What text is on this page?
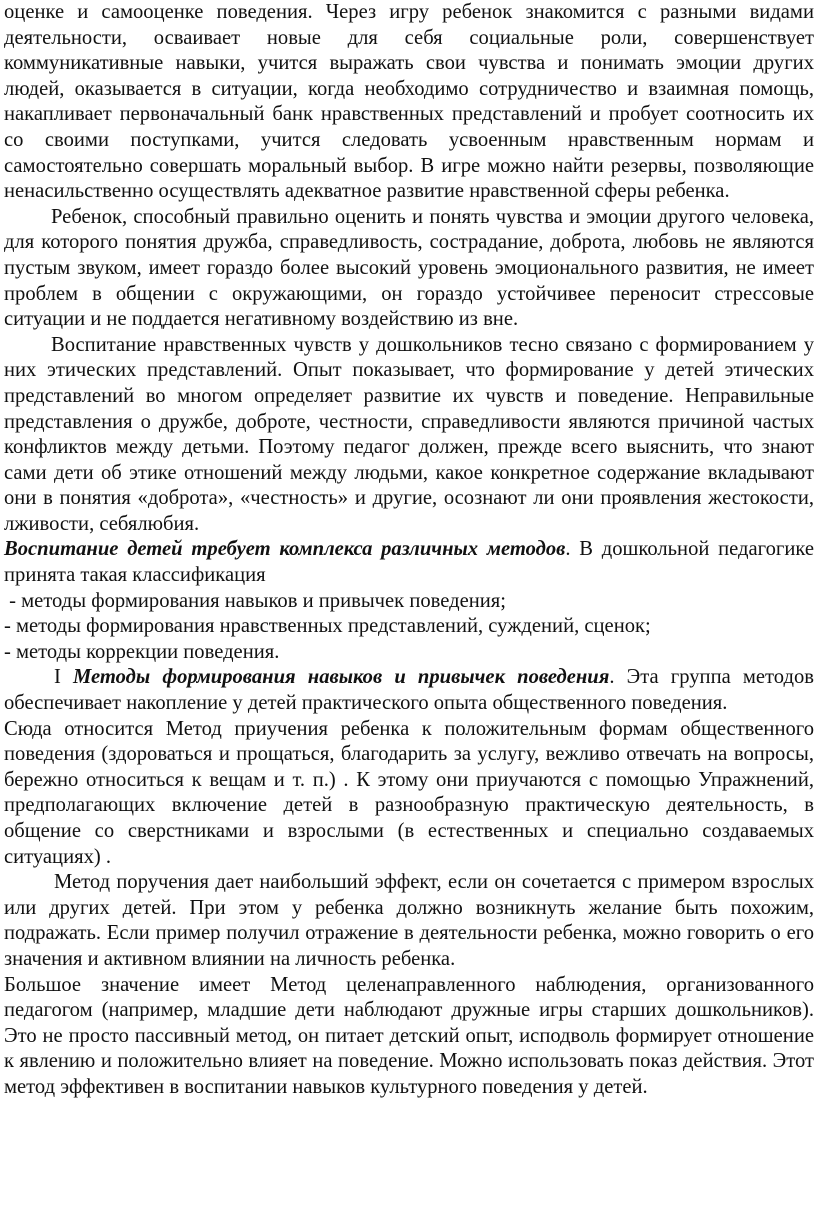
оценке и самооценке поведения. Через игру ребенок знакомится с разными видами деятельности, осваивает новые для себя социальные роли, совершенствует коммуникативные навыки, учится выражать свои чувства и понимать эмоции других людей, оказывается в ситуации, когда необходимо сотрудничество и взаимная помощь, накапливает первоначальный банк нравственных представлений и пробует соотносить их со своими поступками, учится следовать усвоенным нравственным нормам и самостоятельно совершать моральный выбор. В игре можно найти резервы, позволяющие ненасильственно осуществлять адекватное развитие нравственной сферы ребенка.

Ребенок, способный правильно оценить и понять чувства и эмоции другого человека, для которого понятия дружба, справедливость, сострадание, доброта, любовь не являются пустым звуком, имеет гораздо более высокий уровень эмоционального развития, не имеет проблем в общении с окружающими, он гораздо устойчивее переносит стрессовые ситуации и не поддается негативному воздействию из вне.

Воспитание нравственных чувств у дошкольников тесно связано с формированием у них этических представлений. Опыт показывает, что формирование у детей этических представлений во многом определяет развитие их чувств и поведение. Неправильные представления о дружбе, доброте, честности, справедливости являются причиной частых конфликтов между детьми. Поэтому педагог должен, прежде всего выяснить, что знают сами дети об этике отношений между людьми, какое конкретное содержание вкладывают они в понятия «доброта», «честность» и другие, осознают ли они проявления жестокости, лживости, себялюбия.

Воспитание детей требует комплекса различных методов. В дошкольной педагогике принята такая классификация

- методы формирования навыков и привычек поведения;

- методы формирования нравственных представлений, суждений, сценок;

- методы коррекции поведения.

I Методы формирования навыков и привычек поведения. Эта группа методов обеспечивает накопление у детей практического опыта общественного поведения.

Сюда относится Метод приучения ребенка к положительным формам общественного поведения (здороваться и прощаться, благодарить за услугу, вежливо отвечать на вопросы, бережно относиться к вещам и т. п.) . К этому они приучаются с помощью Упражнений, предполагающих включение детей в разнообразную практическую деятельность, в общение со сверстниками и взрослыми (в естественных и специально создаваемых ситуациях) .

Метод поручения дает наибольший эффект, если он сочетается с примером взрослых или других детей. При этом у ребенка должно возникнуть желание быть похожим, подражать. Если пример получил отражение в деятельности ребенка, можно говорить о его значения и активном влиянии на личность ребенка.

Большое значение имеет Метод целенаправленного наблюдения, организованного педагогом (например, младшие дети наблюдают дружные игры старших дошкольников). Это не просто пассивный метод, он питает детский опыт, исподволь формирует отношение к явлению и положительно влияет на поведение. Можно использовать показ действия. Этот метод эффективен в воспитании навыков культурного поведения у детей.
